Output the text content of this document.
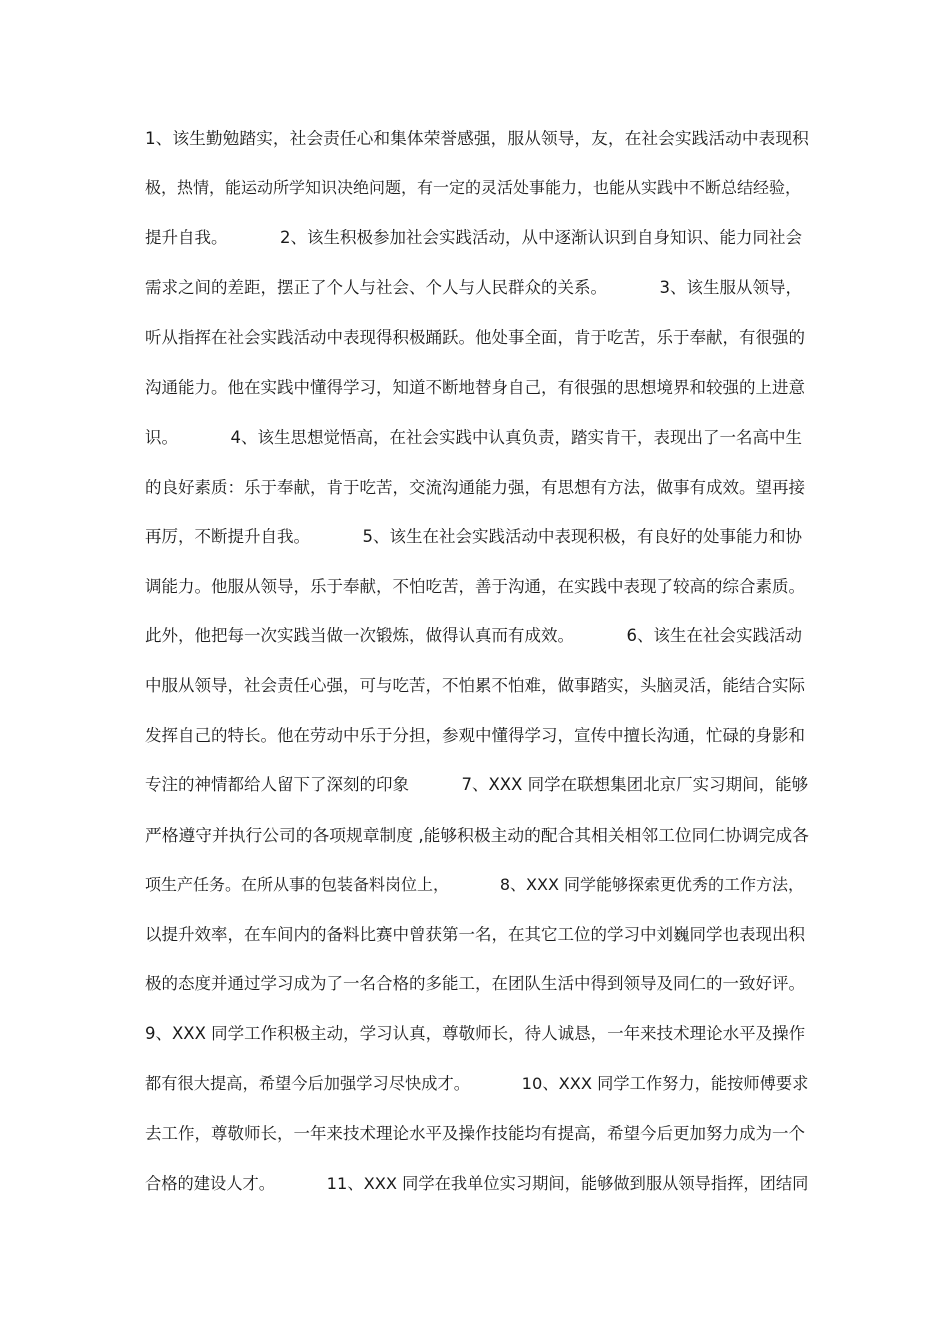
1、该生勤勉踏实，社会责任心和集体荣誉感强，服从领导，友，在社会实践活动中表现积
极，热情，能运动所学知识决绝问题，有一定的灵活处事能力，也能从实践中不断总结经验，
提升自我。          2、该生积极参加社会实践活动，从中逐渐认识到自身知识、能力同社会
需求之间的差距，摆正了个人与社会、个人与人民群众的关系。          3、该生服从领导，
听从指挥在社会实践活动中表现得积极踊跃。他处事全面，肯于吃苦，乐于奉献，有很强的
沟通能力。他在实践中懂得学习，知道不断地替身自己，有很强的思想境界和较强的上进意
识。          4、该生思想觉悟高，在社会实践中认真负责，踏实肯干，表现出了一名高中生
的良好素质：乐于奉献，肯于吃苦，交流沟通能力强，有思想有方法，做事有成效。望再接
再厉，不断提升自我。          5、该生在社会实践活动中表现积极，有良好的处事能力和协
调能力。他服从领导，乐于奉献，不怕吃苦，善于沟通，在实践中表现了较高的综合素质。
此外，他把每一次实践当做一次锻炼，做得认真而有成效。          6、该生在社会实践活动
中服从领导，社会责任心强，可与吃苦，不怕累不怕难，做事踏实，头脑灵活，能结合实际
发挥自己的特长。他在劳动中乐于分担，参观中懂得学习，宣传中擅长沟通，忙碌的身影和
专注的神情都给人留下了深刻的印象          7、XXX 同学在联想集团北京厂实习期间，能够
严格遵守并执行公司的各项规章制度 ,能够积极主动的配合其相关相邻工位同仁协调完成各
项生产任务。在所从事的包装备料岗位上，          8、XXX 同学能够探索更优秀的工作方法，
以提升效率，在车间内的备料比赛中曾获第一名，在其它工位的学习中刘巍同学也表现出积
极的态度并通过学习成为了一名合格的多能工，在团队生活中得到领导及同仁的一致好评。
9、XXX 同学工作积极主动，学习认真，尊敬师长，待人诚恳，一年来技术理论水平及操作
都有很大提高，希望今后加强学习尽快成才。          10、XXX 同学工作努力，能按师傅要求
去工作，尊敬师长，一年来技术理论水平及操作技能均有提高，希望今后更加努力成为一个
合格的建设人才。          11、XXX 同学在我单位实习期间，能够做到服从领导指挥，团结同
